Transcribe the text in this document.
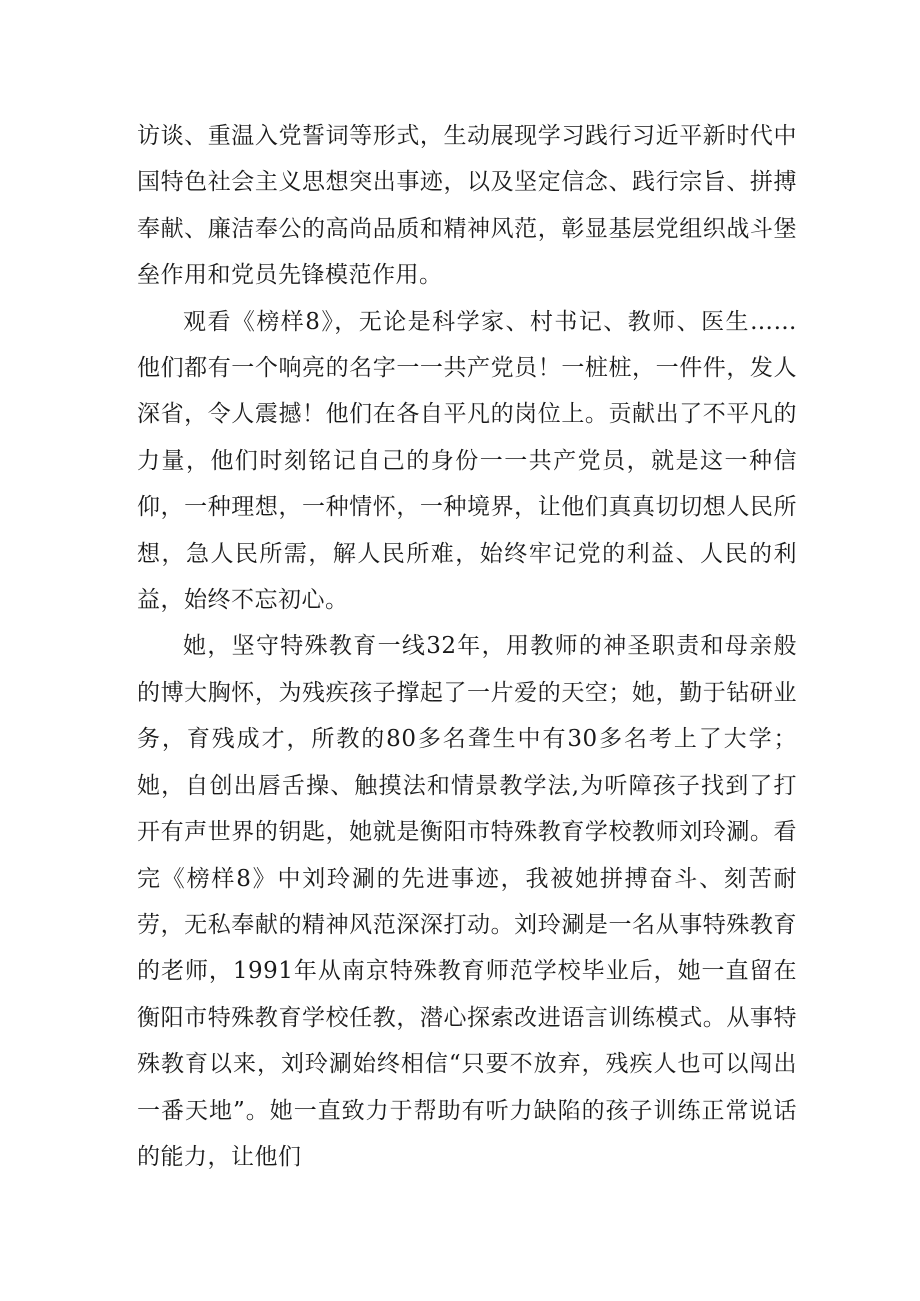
访谈、重温入党誓词等形式，生动展现学习践行习近平新时代中国特色社会主义思想突出事迹，以及坚定信念、践行宗旨、拼搏奉献、廉洁奉公的高尚品质和精神风范，彰显基层党组织战斗堡垒作用和党员先锋模范作用。

观看《榜样8》，无论是科学家、村书记、教师、医生……他们都有一个响亮的名字一一共产党员！一桩桩，一件件，发人深省，令人震撼！他们在各自平凡的岗位上。贡献出了不平凡的力量，他们时刻铭记自己的身份一一共产党员，就是这一种信仰，一种理想，一种情怀，一种境界，让他们真真切切想人民所想，急人民所需，解人民所难，始终牢记党的利益、人民的利益，始终不忘初心。

她，坚守特殊教育一线32年，用教师的神圣职责和母亲般的博大胸怀，为残疾孩子撑起了一片爱的天空；她，勤于钻研业务，育残成才，所教的80多名聋生中有30多名考上了大学；她，自创出唇舌操、触摸法和情景教学法,为听障孩子找到了打开有声世界的钥匙，她就是衡阳市特殊教育学校教师刘玲涮。看完《榜样8》中刘玲涮的先进事迹，我被她拼搏奋斗、刻苦耐劳，无私奉献的精神风范深深打动。刘玲涮是一名从事特殊教育的老师，1991年从南京特殊教育师范学校毕业后，她一直留在衡阳市特殊教育学校任教，潜心探索改进语言训练模式。从事特殊教育以来，刘玲涮始终相信“只要不放弃，残疾人也可以闯出一番天地”。她一直致力于帮助有听力缺陷的孩子训练正常说话的能力，让他们
